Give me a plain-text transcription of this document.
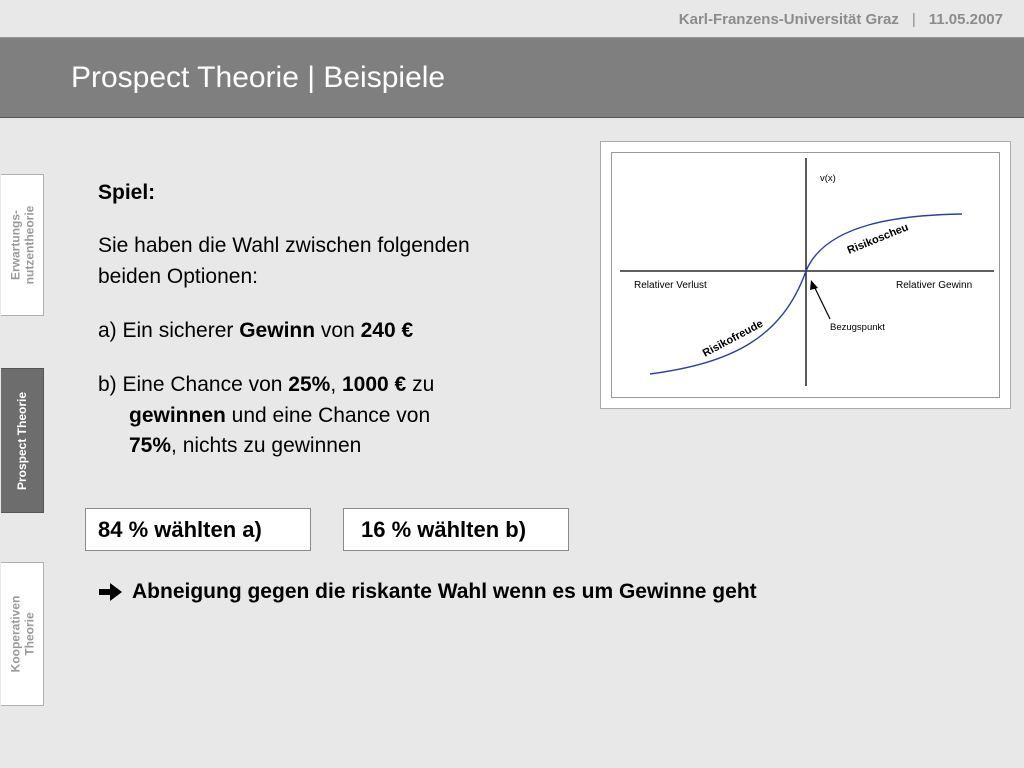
Karl-Franzens-Universität Graz | 11.05.2007
Prospect Theorie | Beispiele
Erwartungs- nutzentheorie
Prospect Theorie
Kooperativen Theorie
Spiel:
Sie haben die Wahl zwischen folgenden
beiden Optionen:
a) Ein sicherer Gewinn von 240 €
b) Eine Chance von 25%, 1000 € zu
gewinnen und eine Chance von
75%, nichts zu gewinnen
84 % wählten a)	16 % wählten b)
Abneigung gegen die riskante Wahl wenn es um Gewinne geht
v(x)
Relativer Verlust	Relativer Gewinn
Bezugspunkt
Risikoscheu
Risikofreude
